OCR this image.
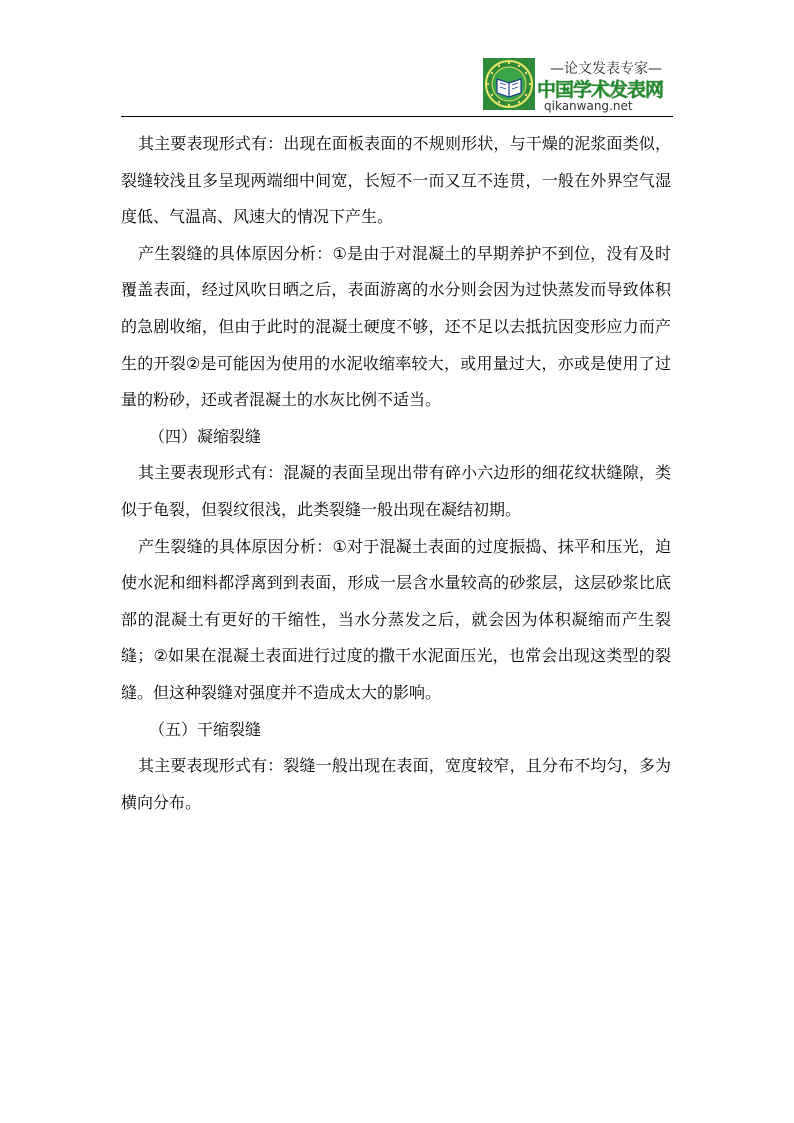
—论文发表专家—
中国学术发表网
qikanwang.net

其主要表现形式有：出现在面板表面的不规则形状，与干燥的泥浆面类似，裂缝较浅且多呈现两端细中间宽，长短不一而又互不连贯，一般在外界空气湿度低、气温高、风速大的情况下产生。

产生裂缝的具体原因分析：①是由于对混凝土的早期养护不到位，没有及时覆盖表面，经过风吹日晒之后，表面游离的水分则会因为过快蒸发而导致体积的急剧收缩，但由于此时的混凝土硬度不够，还不足以去抵抗因变形应力而产生的开裂②是可能因为使用的水泥收缩率较大，或用量过大，亦或是使用了过量的粉砂，还或者混凝土的水灰比例不适当。

（四）凝缩裂缝

其主要表现形式有：混凝的表面呈现出带有碎小六边形的细花纹状缝隙，类似于龟裂，但裂纹很浅，此类裂缝一般出现在凝结初期。

产生裂缝的具体原因分析：①对于混凝土表面的过度振捣、抹平和压光，迫使水泥和细料都浮离到到表面，形成一层含水量较高的砂浆层，这层砂浆比底部的混凝土有更好的干缩性，当水分蒸发之后，就会因为体积凝缩而产生裂缝；②如果在混凝土表面进行过度的撒干水泥面压光，也常会出现这类型的裂缝。但这种裂缝对强度并不造成太大的影响。

（五）干缩裂缝

其主要表现形式有：裂缝一般出现在表面，宽度较窄，且分布不均匀，多为横向分布。
